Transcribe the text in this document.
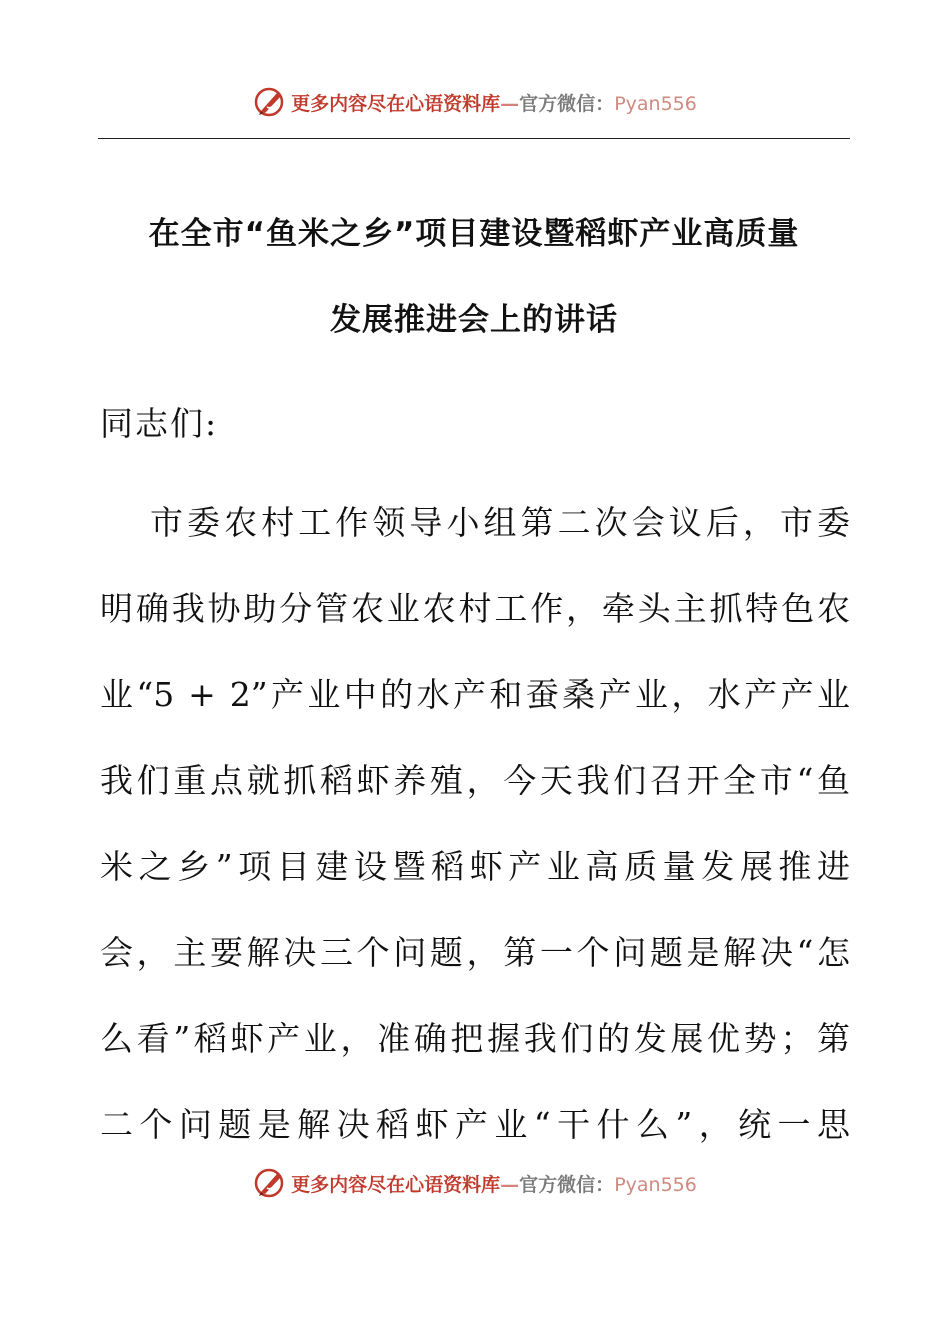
更多内容尽在心语资料库—官方微信：Pyan556
在全市“鱼米之乡”项目建设暨稻虾产业高质量
发展推进会上的讲话
同志们:
市委农村工作领导小组第二次会议后，市委
明确我协助分管农业农村工作，牵头主抓特色农
业“5 + 2”产业中的水产和蚕桑产业，水产产业
我们重点就抓稻虾养殖，今天我们召开全市“鱼
米之乡”项目建设暨稻虾产业高质量发展推进
会，主要解决三个问题，第一个问题是解决“怎
么看”稻虾产业，准确把握我们的发展优势；第
二个问题是解决稻虾产业“干什么”，统一思
更多内容尽在心语资料库—官方微信：Pyan556
